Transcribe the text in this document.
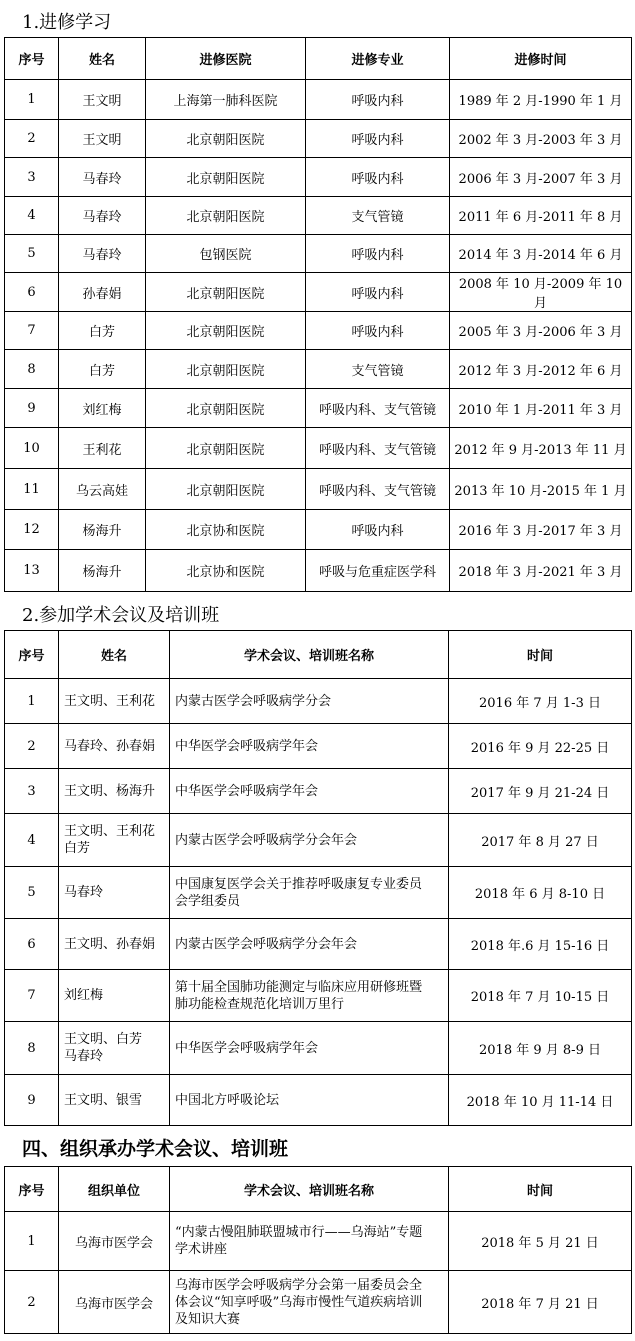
1.进修学习
序号	姓名	进修医院	进修专业	进修时间
1	王文明	上海第一肺科医院	呼吸内科	1989 年 2 月-1990 年 1 月
2	王文明	北京朝阳医院	呼吸内科	2002 年 3 月-2003 年 3 月
3	马春玲	北京朝阳医院	呼吸内科	2006 年 3 月-2007 年 3 月
4	马春玲	北京朝阳医院	支气管镜	2011 年 6 月-2011 年 8 月
5	马春玲	包钢医院	呼吸内科	2014 年 3 月-2014 年 6 月
6	孙春娟	北京朝阳医院	呼吸内科	2008 年 10 月-2009 年 10 月
7	白芳	北京朝阳医院	呼吸内科	2005 年 3 月-2006 年 3 月
8	白芳	北京朝阳医院	支气管镜	2012 年 3 月-2012 年 6 月
9	刘红梅	北京朝阳医院	呼吸内科、支气管镜	2010 年 1 月-2011 年 3 月
10	王利花	北京朝阳医院	呼吸内科、支气管镜	2012 年 9 月-2013 年 11 月
11	乌云高娃	北京朝阳医院	呼吸内科、支气管镜	2013 年 10 月-2015 年 1 月
12	杨海升	北京协和医院	呼吸内科	2016 年 3 月-2017 年 3 月
13	杨海升	北京协和医院	呼吸与危重症医学科	2018 年 3 月-2021 年 3 月
2.参加学术会议及培训班
序号	姓名	学术会议、培训班名称	时间
1	王文明、王利花	内蒙古医学会呼吸病学分会	2016 年 7 月 1-3 日
2	马春玲、孙春娟	中华医学会呼吸病学年会	2016 年 9 月 22-25 日
3	王文明、杨海升	中华医学会呼吸病学年会	2017 年 9 月 21-24 日
4	王文明、王利花
白芳	内蒙古医学会呼吸病学分会年会	2017 年 8 月 27 日
5	马春玲	中国康复医学会关于推荐呼吸康复专业委员
会学组委员	2018 年 6 月 8-10 日
6	王文明、孙春娟	内蒙古医学会呼吸病学分会年会	2018 年.6 月 15-16 日
7	刘红梅	第十届全国肺功能测定与临床应用研修班暨
肺功能检查规范化培训万里行	2018 年 7 月 10-15 日
8	王文明、白芳
马春玲	中华医学会呼吸病学年会	2018 年 9 月 8-9 日
9	王文明、银雪	中国北方呼吸论坛	2018 年 10 月 11-14 日
四、组织承办学术会议、培训班
序号	组织单位	学术会议、培训班名称	时间
1	乌海市医学会	“内蒙古慢阻肺联盟城市行——乌海站”专题
学术讲座	2018 年 5 月 21 日
2	乌海市医学会	乌海市医学会呼吸病学分会第一届委员会全
体会议“知享呼吸”乌海市慢性气道疾病培训
及知识大赛	2018 年 7 月 21 日
